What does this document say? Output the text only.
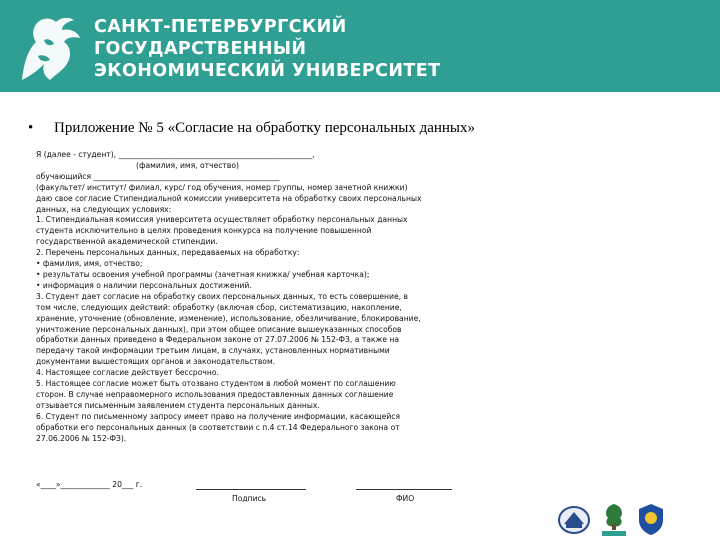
САНКТ-ПЕТЕРБУРГСКИЙ
ГОСУДАРСТВЕННЫЙ
ЭКОНОМИЧЕСКИЙ УНИВЕРСИТЕТ
• Приложение № 5 «Согласие на обработку персональных данных»
Я (далее - студент), ___________________________________________________,
(фамилия, имя, отчество)
обучающийся _________________________________________________
(факультет/ институт/ филиал, курс/ год обучения, номер группы, номер зачетной книжки)
даю свое согласие Стипендиальной комиссии университета на обработку своих персональных
данных, на следующих условиях:
1. Стипендиальная комиссия университета осуществляет обработку персональных данных
студента исключительно в целях проведения конкурса на получение повышенной
государственной академической стипендии.
2. Перечень персональных данных, передаваемых на обработку:
• фамилия, имя, отчество;
• результаты освоения учебной программы (зачетная книжка/ учебная карточка);
• информация о наличии персональных достижений.
3. Студент дает согласие на обработку своих персональных данных, то есть совершение, в
том числе, следующих действий: обработку (включая сбор, систематизацию, накопление,
хранение, уточнение (обновление, изменение), использование, обезличивание, блокирование,
уничтожение персональных данных), при этом общее описание вышеуказанных способов
обработки данных приведено в Федеральном законе от 27.07.2006 № 152-ФЗ, а также на
передачу такой информации третьим лицам, в случаях, установленных нормативными
документами вышестоящих органов и законодательством.
4. Настоящее согласие действует бессрочно.
5. Настоящее согласие может быть отозвано студентом в любой момент по соглашению
сторон. В случае неправомерного использования предоставленных данных соглашение
отзывается письменным заявлением студента персональных данных.
6. Студент по письменному запросу имеет право на получение информации, касающейся
обработки его персональных данных (в соответствии с п.4 ст.14 Федерального закона от
27.06.2006 № 152-ФЗ).
«____»_____________ 20___ г.
Подпись	ФИО
